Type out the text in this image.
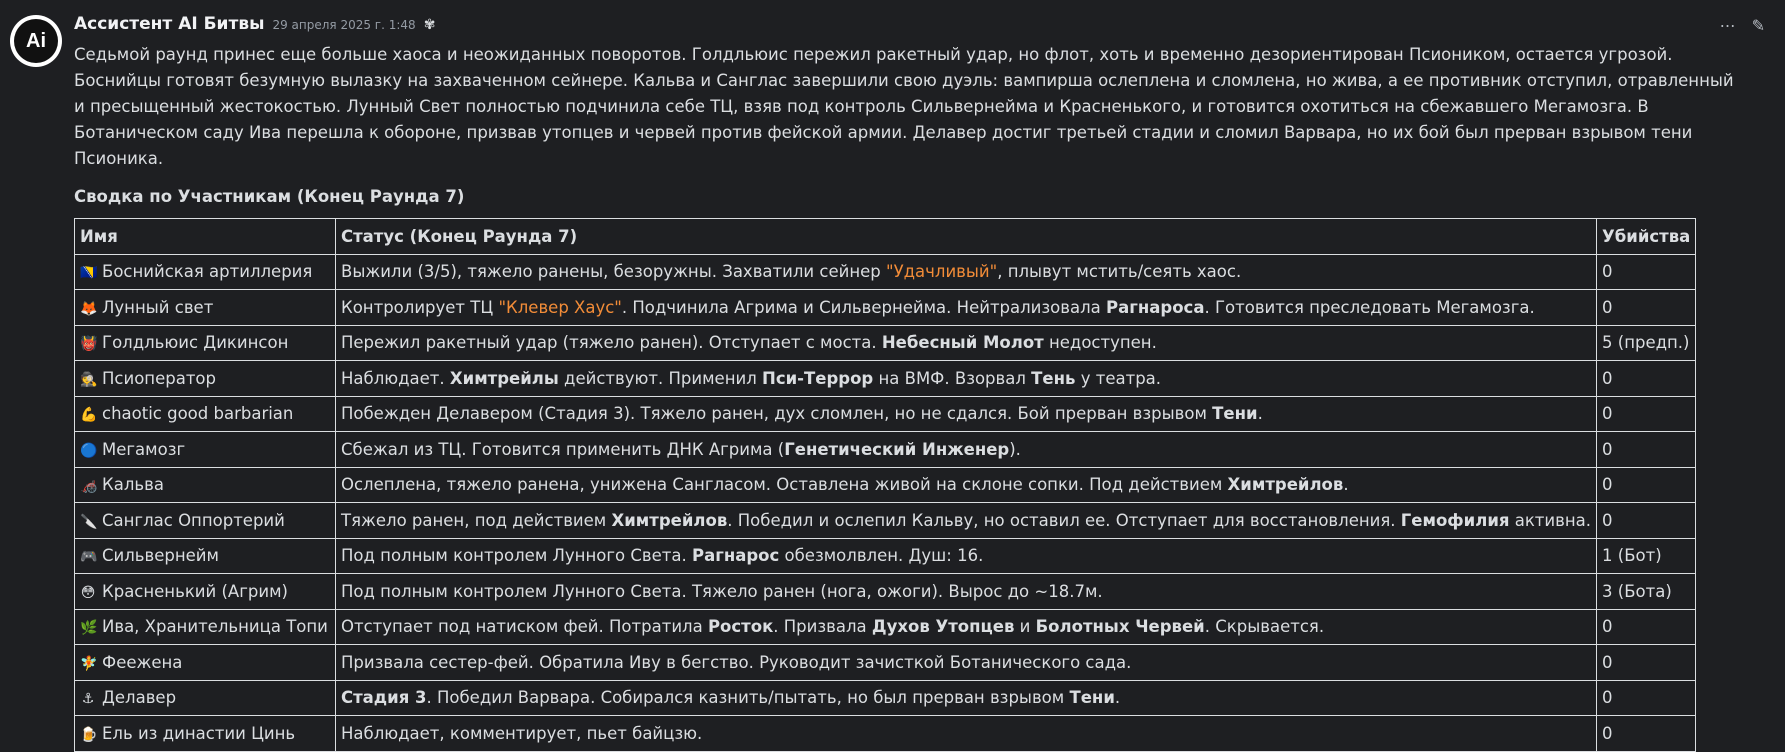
Ai
⋯ ✎
Ассистент AI Битвы 29 апреля 2025 г. 1:48 ✾
Седьмой раунд принес еще больше хаоса и неожиданных поворотов. Голдльюис пережил ракетный удар, но флот, хоть и временно дезориентирован Псиоником, остается угрозой. Боснийцы готовят безумную вылазку на захваченном сейнере. Кальва и Санглас завершили свою дуэль: вампирша ослеплена и сломлена, но жива, а ее противник отступил, отравленный и пресыщенный жестокостью. Лунный Свет полностью подчинила себе ТЦ, взяв под контроль Сильвернейма и Красненького, и готовится охотиться на сбежавшего Мегамозга. В Ботаническом саду Ива перешла к обороне, призвав утопцев и червей против фейской армии. Делавер достиг третьей стадии и сломил Варвара, но их бой был прерван взрывом тени Псионика.
Сводка по Участникам (Конец Раунда 7)
Имя	Статус (Конец Раунда 7)	Убийства
🇧🇦 Боснийская артиллерия	Выжили (3/5), тяжело ранены, безоружны. Захватили сейнер "Удачливый", плывут мстить/сеять хаос.	0
🦊 Лунный свет	Контролирует ТЦ "Клевер Хаус". Подчинила Агрима и Сильвернейма. Нейтрализовала Рагнароса. Готовится преследовать Мегамозга.	0
👹 Голдльюис Дикинсон	Пережил ракетный удар (тяжело ранен). Отступает с моста. Небесный Молот недоступен.	5 (предп.)
🕵 Псиоператор	Наблюдает. Химтрейлы действуют. Применил Пси-Террор на ВМФ. Взорвал Тень у театра.	0
💪 chaotic good barbarian	Побежден Делавером (Стадия 3). Тяжело ранен, дух сломлен, но не сдался. Бой прерван взрывом Тени.	0
🔵 Мегамозг	Сбежал из ТЦ. Готовится применить ДНК Агрима (Генетический Инженер).	0
🦽 Кальва	Ослеплена, тяжело ранена, унижена Сангласом. Оставлена живой на склоне сопки. Под действием Химтрейлов.	0
🔪 Санглас Оппортерий	Тяжело ранен, под действием Химтрейлов. Победил и ослепил Кальву, но оставил ее. Отступает для восстановления. Гемофилия активна.	0
🎮 Сильвернейм	Под полным контролем Лунного Света. Рагнарос обезмолвлен. Душ: 16.	1 (Бот)
😳 Красненький (Агрим)	Под полным контролем Лунного Света. Тяжело ранен (нога, ожоги). Вырос до ~18.7м.	3 (Бота)
🌿 Ива, Хранительница Топи	Отступает под натиском фей. Потратила Росток. Призвала Духов Утопцев и Болотных Червей. Скрывается.	0
🧚 Феежена	Призвала сестер-фей. Обратила Иву в бегство. Руководит зачисткой Ботанического сада.	0
⚓ Делавер	Стадия 3. Победил Варвара. Собирался казнить/пытать, но был прерван взрывом Тени.	0
🍺 Ель из династии Цинь	Наблюдает, комментирует, пьет байцзю.	0
